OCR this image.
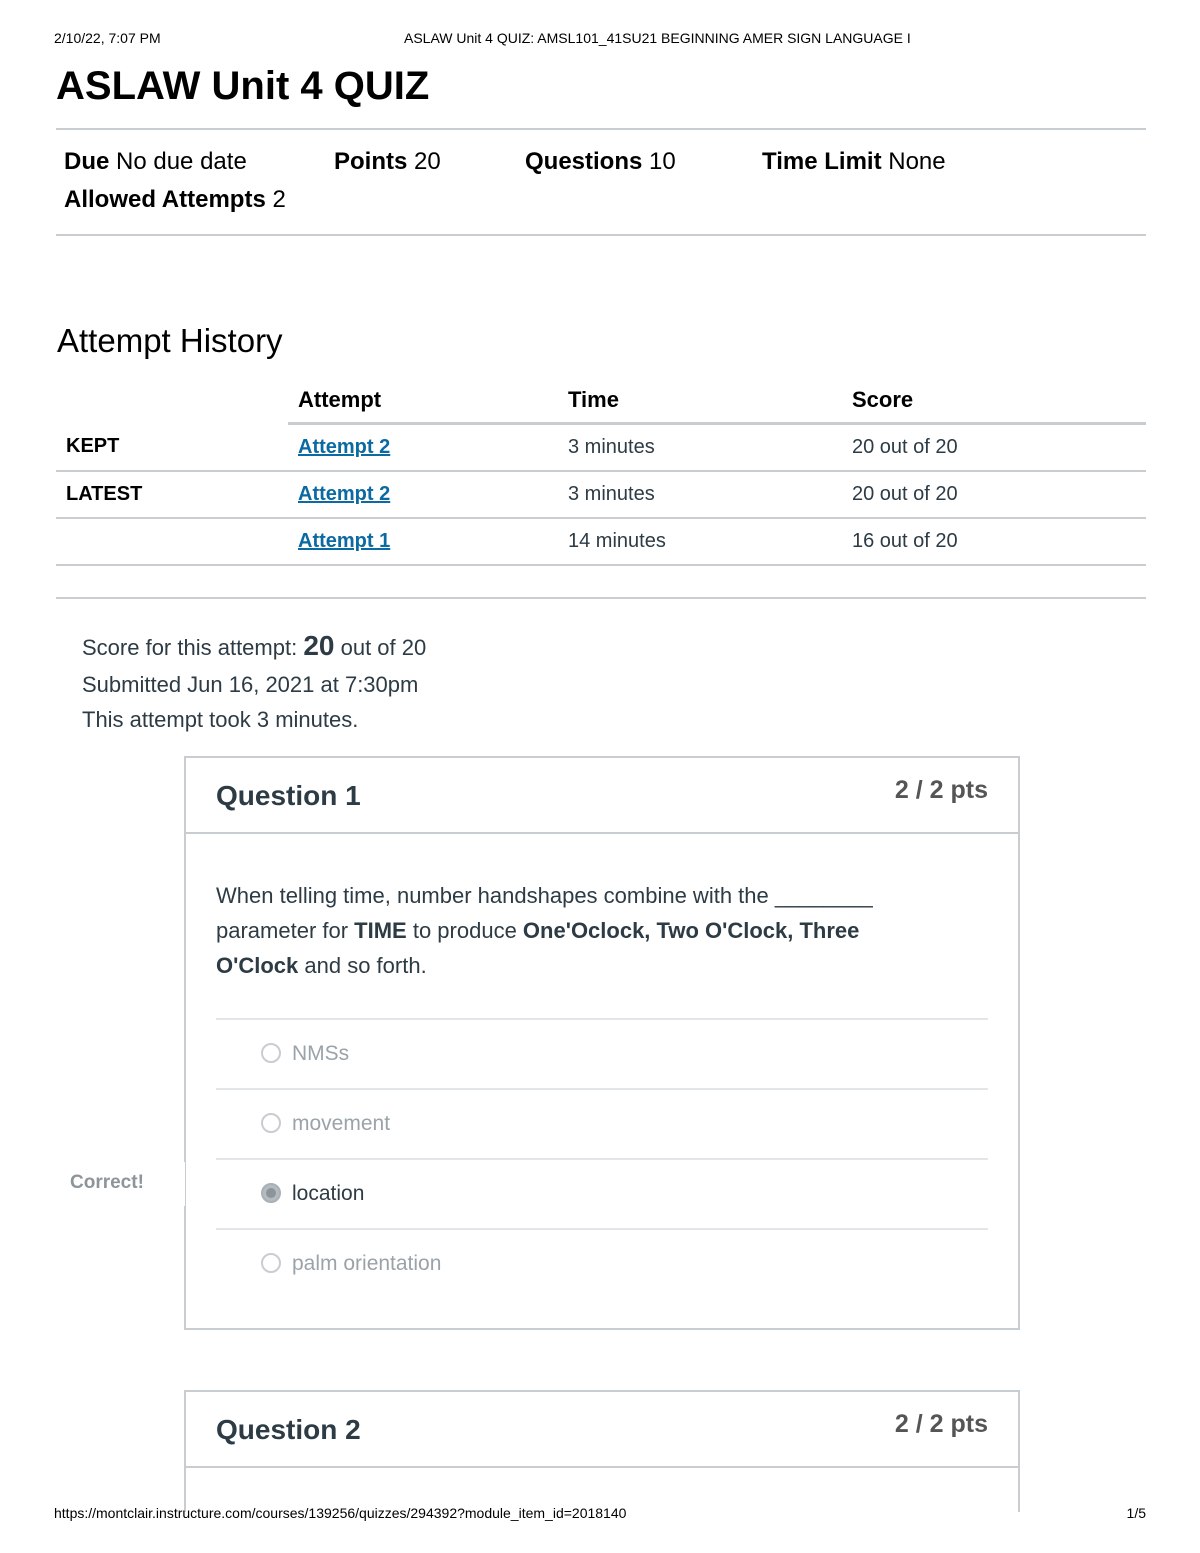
2/10/22, 7:07 PM	ASLAW Unit 4 QUIZ: AMSL101_41SU21 BEGINNING AMER SIGN LANGUAGE I
ASLAW Unit 4 QUIZ
Due No due date	Points 20	Questions 10	Time Limit None
Allowed Attempts 2
Attempt History
	Attempt	Time	Score
KEPT	Attempt 2	3 minutes	20 out of 20
LATEST	Attempt 2	3 minutes	20 out of 20
	Attempt 1	14 minutes	16 out of 20
Score for this attempt: 20 out of 20
Submitted Jun 16, 2021 at 7:30pm
This attempt took 3 minutes.
Question 1	2 / 2 pts
When telling time, number handshapes combine with the ________ parameter for TIME to produce One'Oclock, Two O'Clock, Three O'Clock and so forth.
NMSs
movement
location
palm orientation
Correct!
Question 2	2 / 2 pts
https://montclair.instructure.com/courses/139256/quizzes/294392?module_item_id=2018140	1/5
